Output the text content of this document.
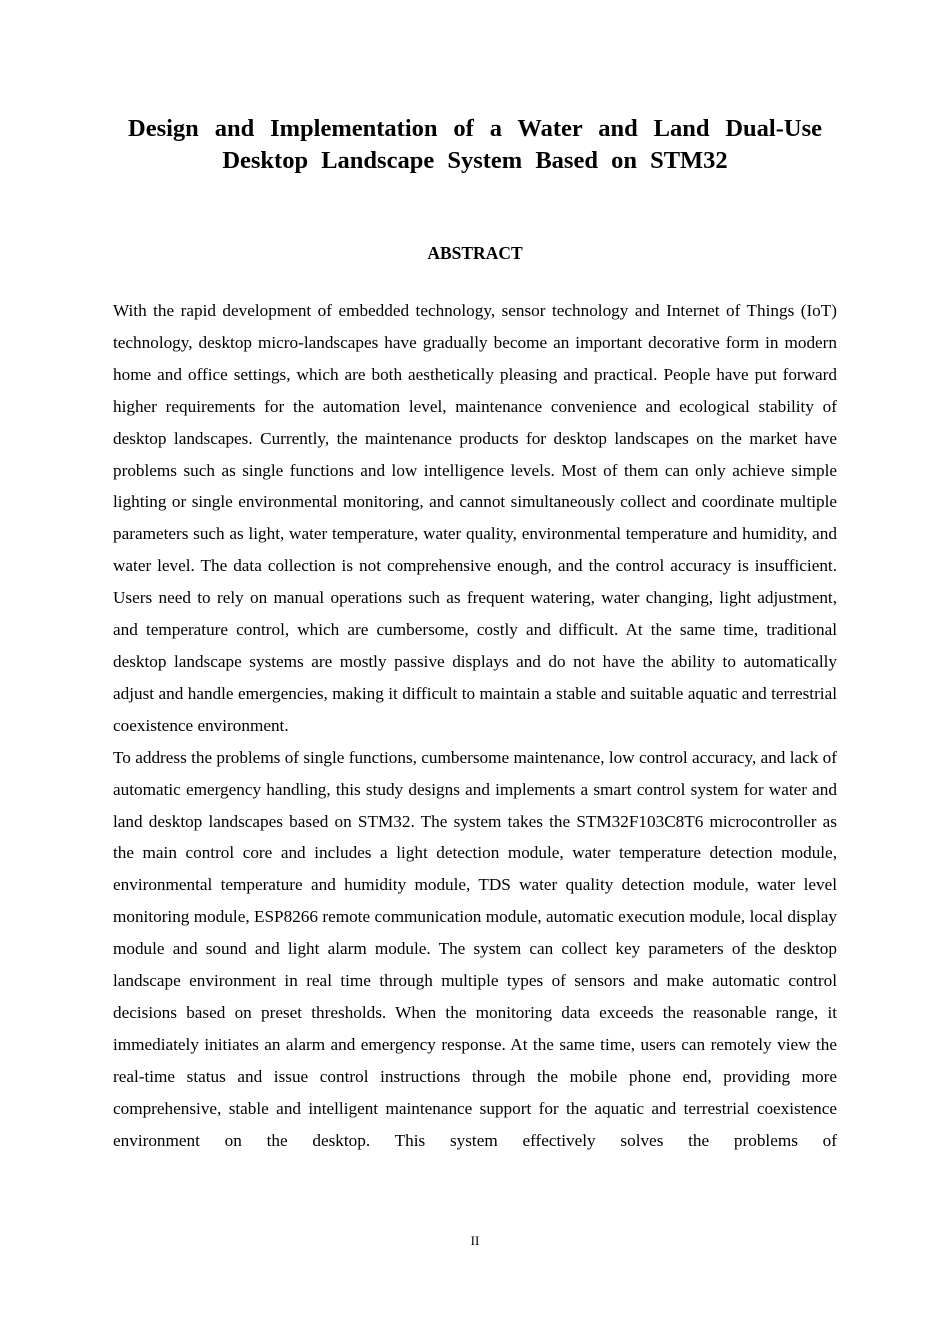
Design and Implementation of a Water and Land Dual-Use Desktop Landscape System Based on STM32
ABSTRACT

With the rapid development of embedded technology, sensor technology and Internet of Things (IoT) technology, desktop micro-landscapes have gradually become an important decorative form in modern home and office settings, which are both aesthetically pleasing and practical. People have put forward higher requirements for the automation level, maintenance convenience and ecological stability of desktop landscapes. Currently, the maintenance products for desktop landscapes on the market have problems such as single functions and low intelligence levels. Most of them can only achieve simple lighting or single environmental monitoring, and cannot simultaneously collect and coordinate multiple parameters such as light, water temperature, water quality, environmental temperature and humidity, and water level. The data collection is not comprehensive enough, and the control accuracy is insufficient. Users need to rely on manual operations such as frequent watering, water changing, light adjustment, and temperature control, which are cumbersome, costly and difficult. At the same time, traditional desktop landscape systems are mostly passive displays and do not have the ability to automatically adjust and handle emergencies, making it difficult to maintain a stable and suitable aquatic and terrestrial coexistence environment.

To address the problems of single functions, cumbersome maintenance, low control accuracy, and lack of automatic emergency handling, this study designs and implements a smart control system for water and land desktop landscapes based on STM32. The system takes the STM32F103C8T6 microcontroller as the main control core and includes a light detection module, water temperature detection module, environmental temperature and humidity module, TDS water quality detection module, water level monitoring module, ESP8266 remote communication module, automatic execution module, local display module and sound and light alarm module. The system can collect key parameters of the desktop landscape environment in real time through multiple types of sensors and make automatic control decisions based on preset thresholds. When the monitoring data exceeds the reasonable range, it immediately initiates an alarm and emergency response. At the same time, users can remotely view the real-time status and issue control instructions through the mobile phone end, providing more comprehensive, stable and intelligent maintenance support for the aquatic and terrestrial coexistence environment on the desktop. This system effectively solves the problems of

II
